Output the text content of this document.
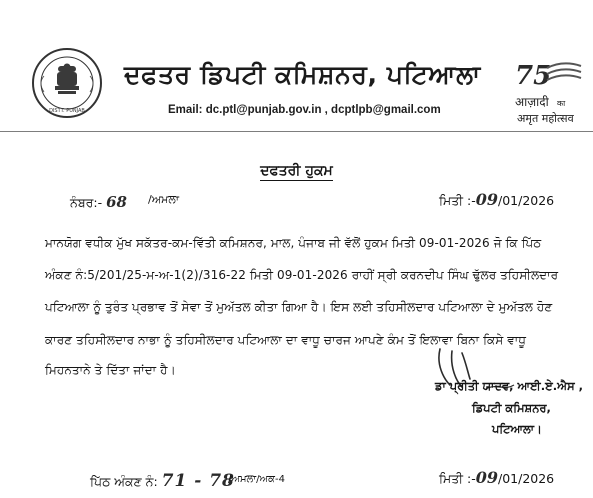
DISTT. PUNJAB
ਦਫਤਰ ਡਿਪਟੀ ਕਮਿਸ਼ਨਰ, ਪਟਿਆਲਾ
Email: dc.ptl@punjab.gov.in , dcptlpb@gmail.com
75
आज़ादी का
अमृत महोत्सव
ਦਫਤਰੀ ਹੁਕਮ
ਨੰਬਰ:- 68 /ਅਮਲਾ	ਮਿਤੀ :-09/01/2026
ਮਾਨਯੋਗ ਵਧੀਕ ਮੁੱਖ ਸਕੱਤਰ-ਕਮ-ਵਿੱਤੀ ਕਮਿਸ਼ਨਰ, ਮਾਲ, ਪੰਜਾਬ ਜੀ ਵੱਲੋਂ ਹੁਕਮ ਮਿਤੀ 09-01-2026 ਜੋ ਕਿ ਪਿੱਠ
ਅੰਕਣ ਨੰ:5/201/25-ਮ-ਅ-1(2)/316-22 ਮਿਤੀ 09-01-2026 ਰਾਹੀਂ ਸ੍ਰੀ ਕਰਨਦੀਪ ਸਿੰਘ ਢੁੱਲਰ ਤਹਿਸੀਲਦਾਰ
ਪਟਿਆਲਾ ਨੂੰ ਤੁਰੰਤ ਪ੍ਰਭਾਵ ਤੋਂ ਸੇਵਾ ਤੋਂ ਮੁਅੱਤਲ ਕੀਤਾ ਗਿਆ ਹੈ। ਇਸ ਲਈ ਤਹਿਸੀਲਦਾਰ ਪਟਿਆਲਾ ਦੇ ਮੁਅੱਤਲ ਹੋਣ
ਕਾਰਣ ਤਹਿਸੀਲਦਾਰ ਨਾਭਾ ਨੂੰ ਤਹਿਸੀਲਦਾਰ ਪਟਿਆਲਾ ਦਾ ਵਾਧੂ ਚਾਰਜ ਆਪਣੇ ਕੰਮ ਤੋਂ ਇਲਾਵਾ ਬਿਨਾ ਕਿਸੇ ਵਾਧੂ
ਮਿਹਨਤਾਨੇ ਤੇ ਦਿੱਤਾ ਜਾਂਦਾ ਹੈ।
ਡਾ ਪ੍ਰੀਤੀ ਯਾਦਵ, ਆਈ.ਏ.ਐਸ ,
ਡਿਪਟੀ ਕਮਿਸ਼ਨਰ,
ਪਟਿਆਲਾ।
ਪਿੱਠ ਅੰਕਣ ਨੰ: 71 - 78
/ਅਮਲਾ/ਅਕ-4	ਮਿਤੀ :-09/01/2026
